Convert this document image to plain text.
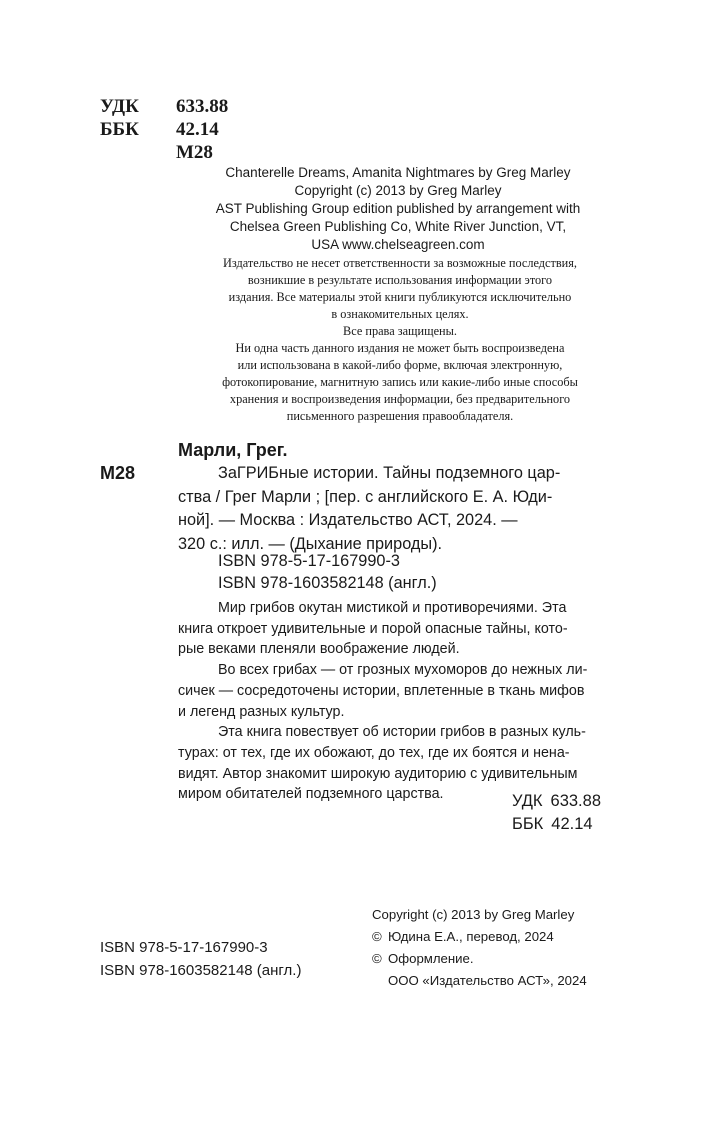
УДК 633.88
ББК 42.14
М28
Chanterelle Dreams, Amanita Nightmares by Greg Marley
Copyright (c) 2013 by Greg Marley
AST Publishing Group edition published by arrangement with
Chelsea Green Publishing Co, White River Junction, VT,
USA www.chelseagreen.com
Издательство не несет ответственности за возможные последствия,
возникшие в результате использования информации этого
издания. Все материалы этой книги публикуются исключительно
в ознакомительных целях.
Все права защищены.
Ни одна часть данного издания не может быть воспроизведена
или использована в какой-либо форме, включая электронную,
фотокопирование, магнитную запись или какие-либо иные способы
хранения и воспроизведения информации, без предварительного
письменного разрешения правообладателя.
Марли, Грег.
М28	ЗаГРИБные истории. Тайны подземного цар-
ства / Грег Марли ; [пер. с английского Е. А. Юди-
ной]. — Москва : Издательство АСТ, 2024. —
320 с.: илл. — (Дыхание природы).
ISBN 978-5-17-167990-3
ISBN 978-1603582148 (англ.)
Мир грибов окутан мистикой и противоречиями. Эта
книга откроет удивительные и порой опасные тайны, кото-
рые веками пленяли воображение людей.
Во всех грибах — от грозных мухоморов до нежных ли-
сичек — сосредоточены истории, вплетенные в ткань мифов
и легенд разных культур.
Эта книга повествует об истории грибов в разных куль-
турах: от тех, где их обожают, до тех, где их боятся и нена-
видят. Автор знакомит широкую аудиторию с удивительным
миром обитателей подземного царства.	УДК 633.88
ББК 42.14
Copyright (c) 2013 by Greg Marley
© Юдина Е.А., перевод, 2024
© Оформление.
ООО «Издательство АСТ», 2024
ISBN 978-5-17-167990-3
ISBN 978-1603582148 (англ.)
